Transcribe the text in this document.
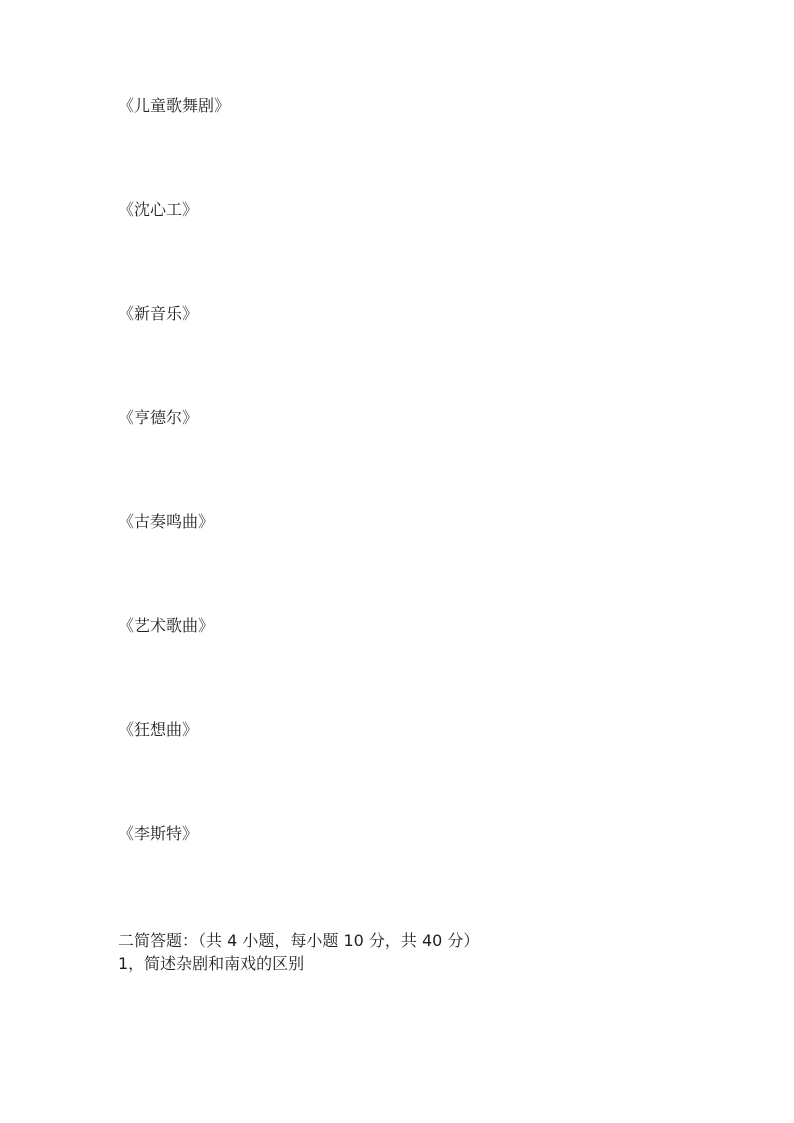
《儿童歌舞剧》
《沈心工》
《新音乐》
《亨德尔》
《古奏鸣曲》
《艺术歌曲》
《狂想曲》
《李斯特》
二简答题：（共 4 小题，每小题 10 分，共 40 分）
1，简述杂剧和南戏的区别
